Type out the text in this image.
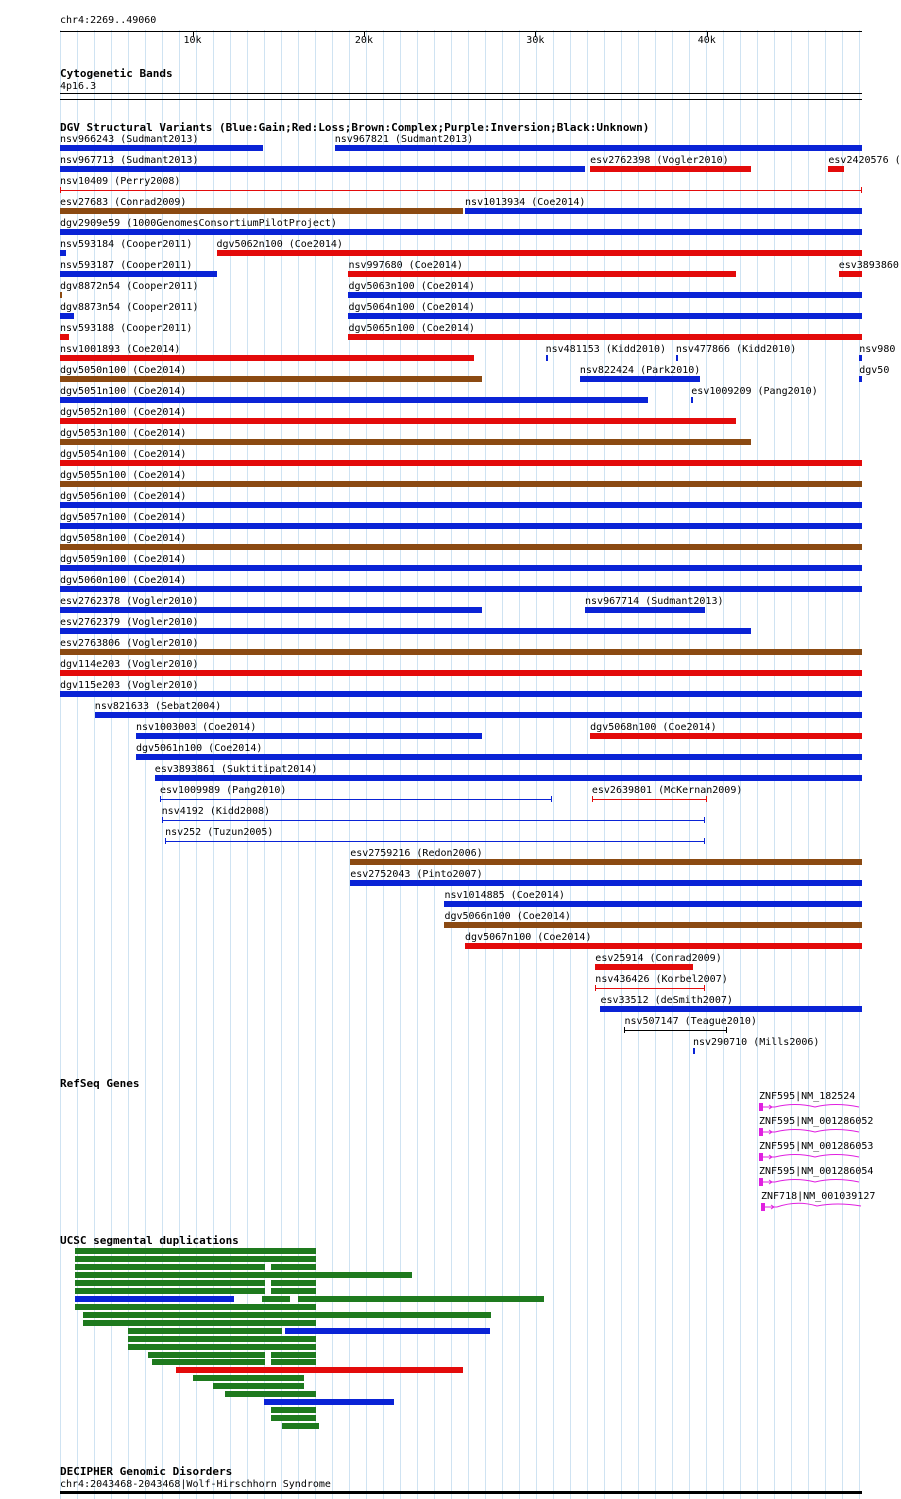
chr4:2269..49060
10k	20k	30k	40k
Cytogenetic Bands
4p16.3
DGV Structural Variants (Blue:Gain;Red:Loss;Brown:Complex;Purple:Inversion;Black:Unknown)
nsv966243 (Sudmant2013)	nsv967821 (Sudmant2013)
nsv967713 (Sudmant2013)	esv2762398 (Vogler2010)	esv2420576 (
nsv10409 (Perry2008)
esv27683 (Conrad2009)	nsv1013934 (Coe2014)
dgv2909e59 (1000GenomesConsortiumPilotProject)
nsv593184 (Cooper2011) dgv5062n100 (Coe2014)
nsv593187 (Cooper2011)	nsv997680 (Coe2014)	esv3893860
dgv8872n54 (Cooper2011)	dgv5063n100 (Coe2014)
dgv8873n54 (Cooper2011)	dgv5064n100 (Coe2014)
nsv593188 (Cooper2011)	dgv5065n100 (Coe2014)
nsv1001893 (Coe2014)	nsv481153 (Kidd2010) nsv477866 (Kidd2010)	nsv980
dgv5050n100 (Coe2014)	nsv822424 (Park2010)	dgv50
dgv5051n100 (Coe2014)	esv1009209 (Pang2010)
dgv5052n100 (Coe2014)
dgv5053n100 (Coe2014)
dgv5054n100 (Coe2014)
dgv5055n100 (Coe2014)
dgv5056n100 (Coe2014)
dgv5057n100 (Coe2014)
dgv5058n100 (Coe2014)
dgv5059n100 (Coe2014)
dgv5060n100 (Coe2014)
esv2762378 (Vogler2010)	nsv967714 (Sudmant2013)
esv2762379 (Vogler2010)
esv2763806 (Vogler2010)
dgv114e203 (Vogler2010)
dgv115e203 (Vogler2010)
nsv821633 (Sebat2004)
nsv1003003 (Coe2014)	dgv5068n100 (Coe2014)
dgv5061n100 (Coe2014)
esv3893861 (Suktitipat2014)
esv1009989 (Pang2010)	esv2639801 (McKernan2009)
nsv4192 (Kidd2008)
nsv252 (Tuzun2005)
esv2759216 (Redon2006)
esv2752043 (Pinto2007)
nsv1014885 (Coe2014)
dgv5066n100 (Coe2014)
dgv5067n100 (Coe2014)
esv25914 (Conrad2009)
nsv436426 (Korbel2007)
esv33512 (deSmith2007)
nsv507147 (Teague2010)
nsv290710 (Mills2006)
RefSeq Genes
ZNF595|NM_182524
ZNF595|NM_001286052
ZNF595|NM_001286053
ZNF595|NM_001286054
ZNF718|NM_001039127
UCSC segmental duplications
DECIPHER Genomic Disorders
chr4:2043468-2043468|Wolf-Hirschhorn Syndrome
